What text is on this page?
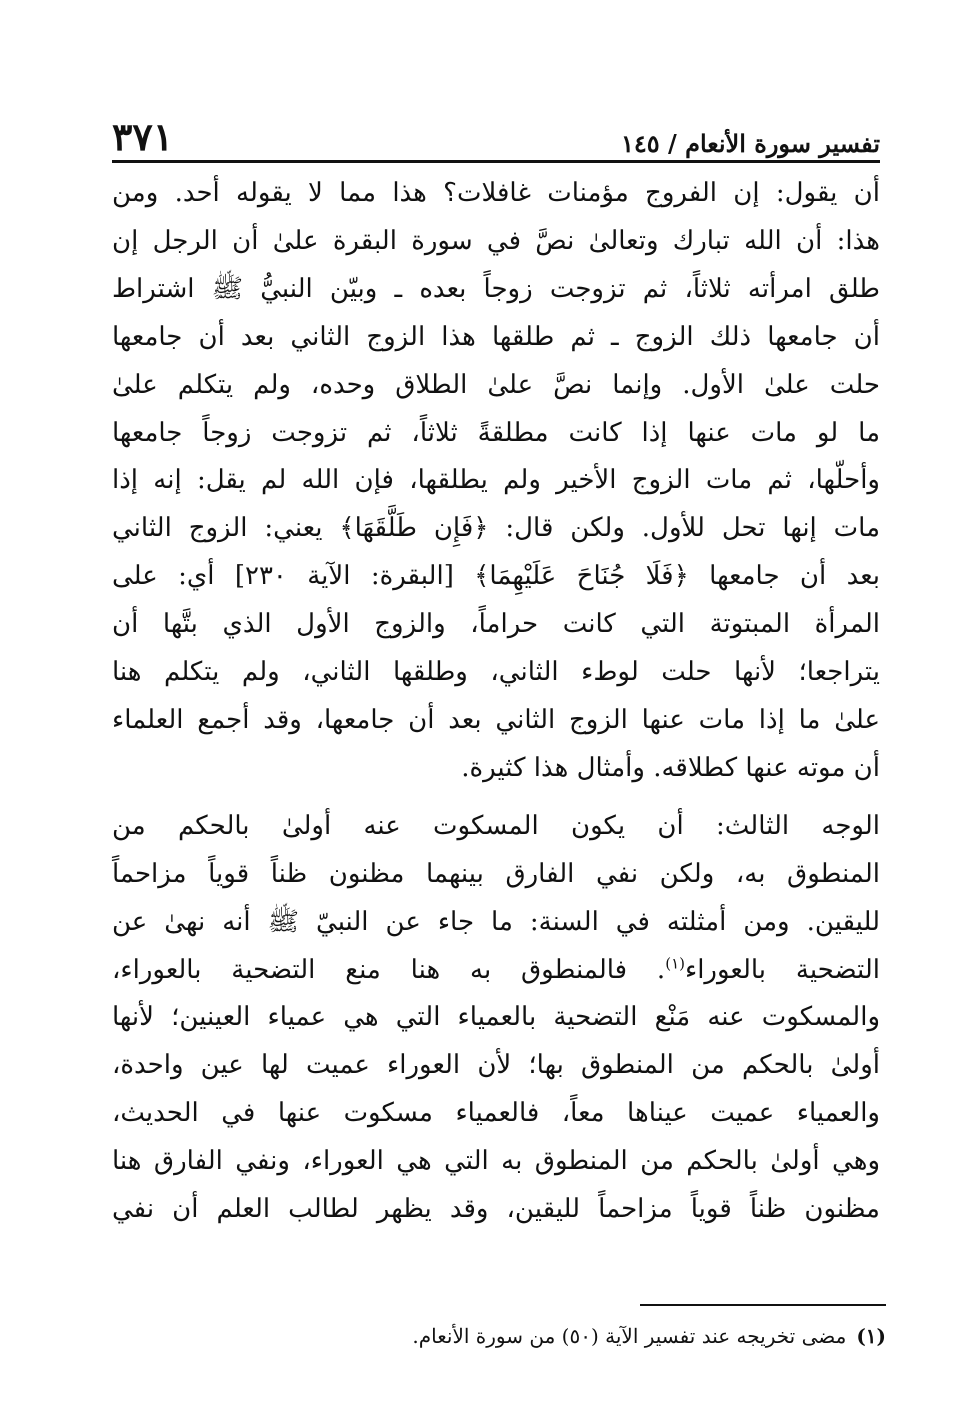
٣٧١	تفسير سورة الأنعام / ١٤٥

أن يقول: إن الفروج مؤمنات غافلات؟ هذا مما لا يقوله أحد. ومن
هذا: أن الله تبارك وتعالىٰ نصَّ في سورة البقرة علىٰ أن الرجل إن
طلق امرأته ثلاثاً، ثم تزوجت زوجاً بعده ـ وبيّن النبيُّ ﷺ اشتراط
أن جامعها ذلك الزوج ـ ثم طلقها هذا الزوج الثاني بعد أن جامعها
حلت علىٰ الأول. وإنما نصَّ علىٰ الطلاق وحده، ولم يتكلم علىٰ
ما لو مات عنها إذا كانت مطلقةً ثلاثاً، ثم تزوجت زوجاً جامعها
وأحلّها، ثم مات الزوج الأخير ولم يطلقها، فإن الله لم يقل: إنه إذا
مات إنها تحل للأول. ولكن قال: ﴿فَإِن طَلَّقَهَا﴾ يعني: الزوج الثاني
بعد أن جامعها ﴿فَلَا جُنَاحَ عَلَيْهِمَا﴾ [البقرة: الآية ٢٣٠] أي: على
المرأة المبتوتة التي كانت حراماً، والزوج الأول الذي بتَّها أن
يتراجعا؛ لأنها حلت لوطء الثاني، وطلقها الثاني، ولم يتكلم هنا
علىٰ ما إذا مات عنها الزوج الثاني بعد أن جامعها، وقد أجمع العلماء
أن موته عنها كطلاقه. وأمثال هذا كثيرة.

الوجه الثالث: أن يكون المسكوت عنه أولىٰ بالحكم من
المنطوق به، ولكن نفي الفارق بينهما مظنون ظناً قوياً مزاحماً
لليقين. ومن أمثلته في السنة: ما جاء عن النبيّ ﷺ أنه نهىٰ عن
التضحية بالعوراء$^{(١)}$. فالمنطوق به هنا منع التضحية بالعوراء،
والمسكوت عنه مَنْع التضحية بالعمياء التي هي عمياء العينين؛ لأنها
أولىٰ بالحكم من المنطوق بها؛ لأن العوراء عميت لها عين واحدة،
والعمياء عميت عيناها معاً، فالعمياء مسكوت عنها في الحديث،
وهي أولىٰ بالحكم من المنطوق به التي هي العوراء، ونفي الفارق هنا
مظنون ظناً قوياً مزاحماً لليقين، وقد يظهر لطالب العلم أن نفي

(١)مضى تخريجه عند تفسير الآية (٥٠) من سورة الأنعام.
